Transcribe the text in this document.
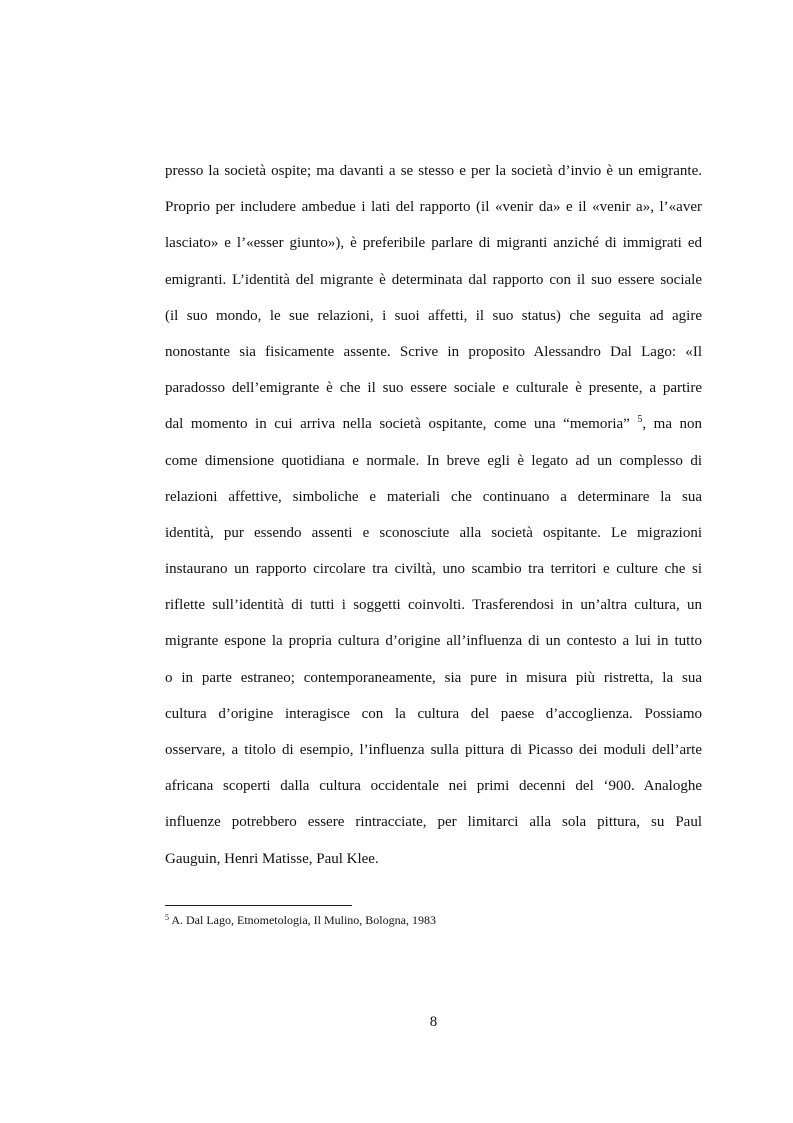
presso la società ospite; ma davanti a se stesso e per la società d’invio è un emigrante.
Proprio per includere ambedue i lati del rapporto (il «venir da» e il «venir a», l’«aver
lasciato» e l’«esser giunto»), è preferibile parlare di migranti anziché di immigrati ed
emigranti. L’identità del migrante è determinata dal rapporto con il suo essere sociale
(il suo mondo, le sue relazioni, i suoi affetti, il suo status) che seguita ad agire
nonostante sia fisicamente assente. Scrive in proposito Alessandro Dal Lago: «Il
paradosso dell’emigrante è che il suo essere sociale e culturale è presente, a partire
dal momento in cui arriva nella società ospitante, come una “memoria” $^5$, ma non
come dimensione quotidiana e normale. In breve egli è legato ad un complesso di
relazioni affettive, simboliche e materiali che continuano a determinare la sua
identità, pur essendo assenti e sconosciute alla società ospitante. Le migrazioni
instaurano un rapporto circolare tra civiltà, uno scambio tra territori e culture che si
riflette sull’identità di tutti i soggetti coinvolti. Trasferendosi in un’altra cultura, un
migrante espone la propria cultura d’origine all’influenza di un contesto a lui in tutto
o in parte estraneo; contemporaneamente, sia pure in misura più ristretta, la sua
cultura d’origine interagisce con la cultura del paese d’accoglienza. Possiamo
osservare, a titolo di esempio, l’influenza sulla pittura di Picasso dei moduli dell’arte
africana scoperti dalla cultura occidentale nei primi decenni del ‘900. Analoghe
influenze potrebbero essere rintracciate, per limitarci alla sola pittura, su Paul
Gauguin, Henri Matisse, Paul Klee.
$^5$ A. Dal Lago, Etnometologia, Il Mulino, Bologna, 1983
8
